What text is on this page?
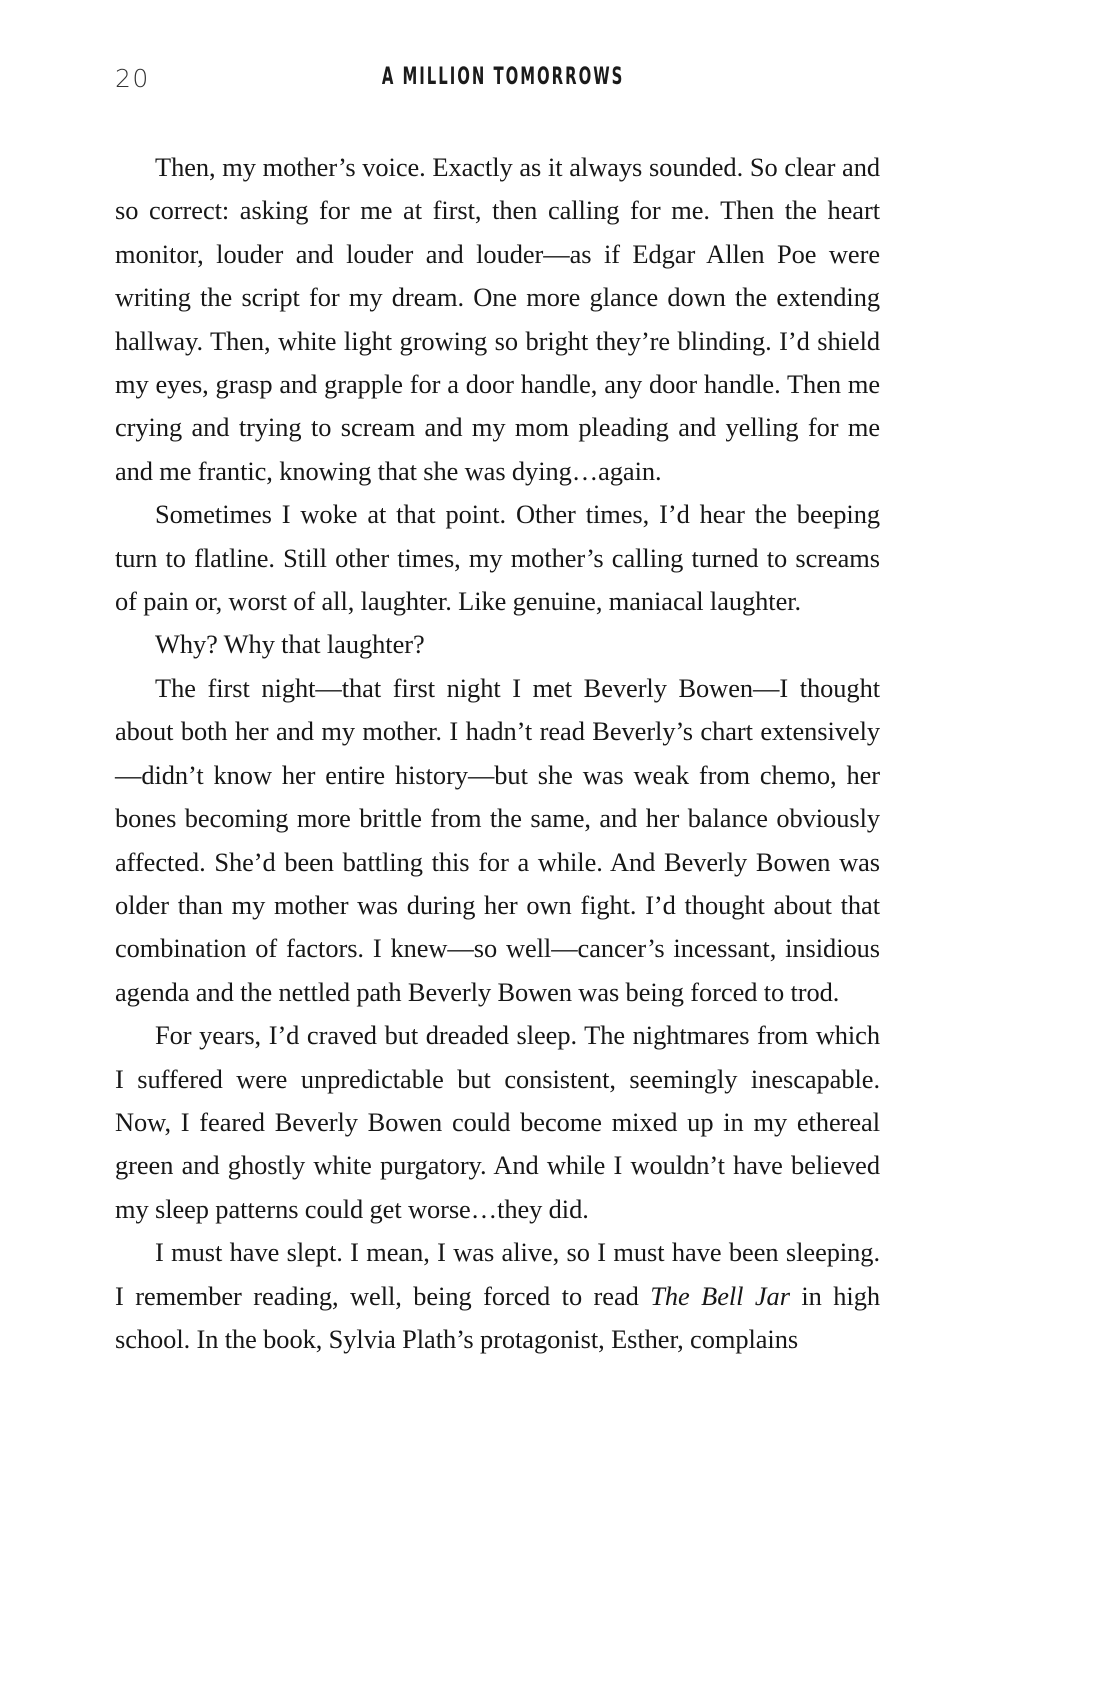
20	A MILLION TOMORROWS

Then, my mother’s voice. Exactly as it always sounded. So clear and so correct: asking for me at first, then calling for me. Then the heart monitor, louder and louder and louder—as if Edgar Allen Poe were writing the script for my dream. One more glance down the extending hallway. Then, white light growing so bright they’re blinding. I’d shield my eyes, grasp and grapple for a door handle, any door handle. Then me crying and trying to scream and my mom pleading and yelling for me and me frantic, knowing that she was dying…again.

Sometimes I woke at that point. Other times, I’d hear the beeping turn to flatline. Still other times, my mother’s calling turned to screams of pain or, worst of all, laughter. Like genuine, maniacal laughter.

Why? Why that laughter?

The first night—that first night I met Beverly Bowen—I thought about both her and my mother. I hadn’t read Beverly’s chart extensively—didn’t know her entire history—but she was weak from chemo, her bones becoming more brittle from the same, and her balance obviously affected. She’d been battling this for a while. And Beverly Bowen was older than my mother was during her own fight. I’d thought about that combination of factors. I knew—so well—cancer’s incessant, insidious agenda and the nettled path Beverly Bowen was being forced to trod.

For years, I’d craved but dreaded sleep. The nightmares from which I suffered were unpredictable but consistent, seemingly inescapable. Now, I feared Beverly Bowen could become mixed up in my ethereal green and ghostly white purgatory. And while I wouldn’t have believed my sleep patterns could get worse…they did.

I must have slept. I mean, I was alive, so I must have been sleeping. I remember reading, well, being forced to read The Bell Jar in high school. In the book, Sylvia Plath’s protagonist, Esther, complains
